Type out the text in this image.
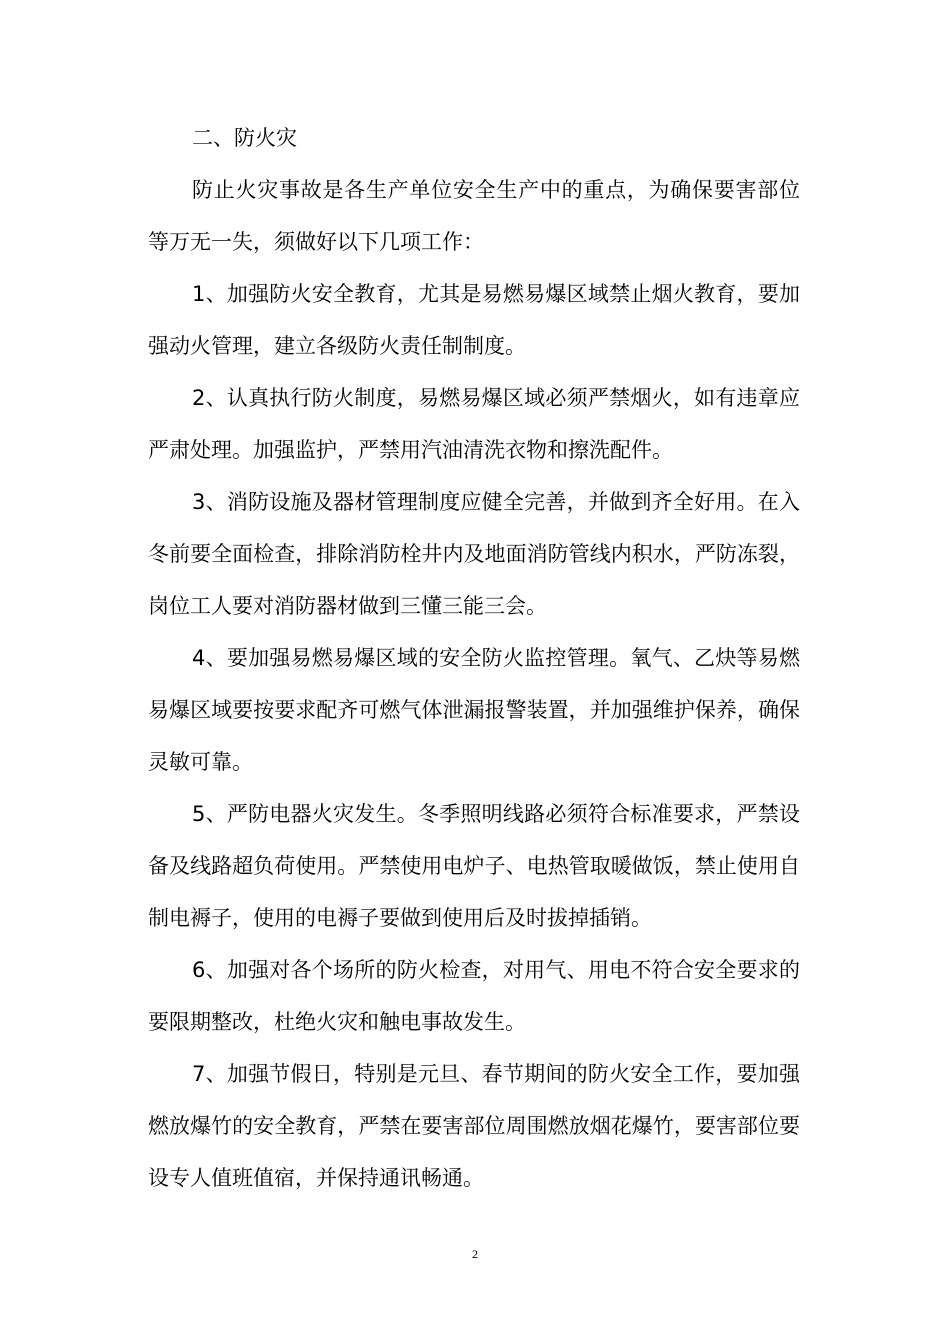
二、防火灾

防止火灾事故是各生产单位安全生产中的重点，为确保要害部位等万无一失，须做好以下几项工作：

1、加强防火安全教育，尤其是易燃易爆区域禁止烟火教育，要加强动火管理，建立各级防火责任制制度。

2、认真执行防火制度，易燃易爆区域必须严禁烟火，如有违章应严肃处理。加强监护，严禁用汽油清洗衣物和擦洗配件。

3、消防设施及器材管理制度应健全完善，并做到齐全好用。在入冬前要全面检查，排除消防栓井内及地面消防管线内积水，严防冻裂，岗位工人要对消防器材做到三懂三能三会。

4、要加强易燃易爆区域的安全防火监控管理。氧气、乙炔等易燃易爆区域要按要求配齐可燃气体泄漏报警装置，并加强维护保养，确保灵敏可靠。

5、严防电器火灾发生。冬季照明线路必须符合标准要求，严禁设备及线路超负荷使用。严禁使用电炉子、电热管取暖做饭，禁止使用自制电褥子，使用的电褥子要做到使用后及时拔掉插销。

6、加强对各个场所的防火检查，对用气、用电不符合安全要求的要限期整改，杜绝火灾和触电事故发生。

7、加强节假日，特别是元旦、春节期间的防火安全工作，要加强燃放爆竹的安全教育，严禁在要害部位周围燃放烟花爆竹，要害部位要设专人值班值宿，并保持通讯畅通。

2
